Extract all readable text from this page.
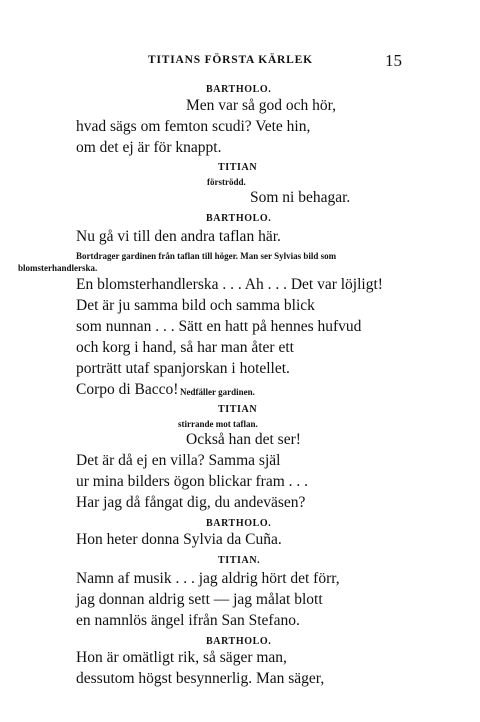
TITIANS FÖRSTA KÄRLEK	15
BARTHOLO.
Men var så god och hör,
hvad sägs om femton scudi? Vete hin,
om det ej är för knappt.
TITIAN
förströdd.
Som ni behagar.
BARTHOLO.
Nu gå vi till den andra taflan här.
Bortdrager gardinen från taflan till höger. Man ser Sylvias bild som
blomsterhandlerska.
En blomsterhandlerska . . . Ah . . . Det var löjligt!
Det är ju samma bild och samma blick
som nunnan . . . Sätt en hatt på hennes hufvud
och korg i hand, så har man åter ett
porträtt utaf spanjorskan i hotellet.
Corpo di Bacco! Nedfäller gardinen.
TITIAN
stirrande mot taflan.
Också han det ser!
Det är då ej en villa? Samma själ
ur mina bilders ögon blickar fram . . .
Har jag då fångat dig, du andeväsen?
BARTHOLO.
Hon heter donna Sylvia da Cuña.
TITIAN.
Namn af musik . . . jag aldrig hört det förr,
jag donnan aldrig sett — jag målat blott
en namnlös ängel ifrån San Stefano.
BARTHOLO.
Hon är omätligt rik, så säger man,
dessutom högst besynnerlig. Man säger,
